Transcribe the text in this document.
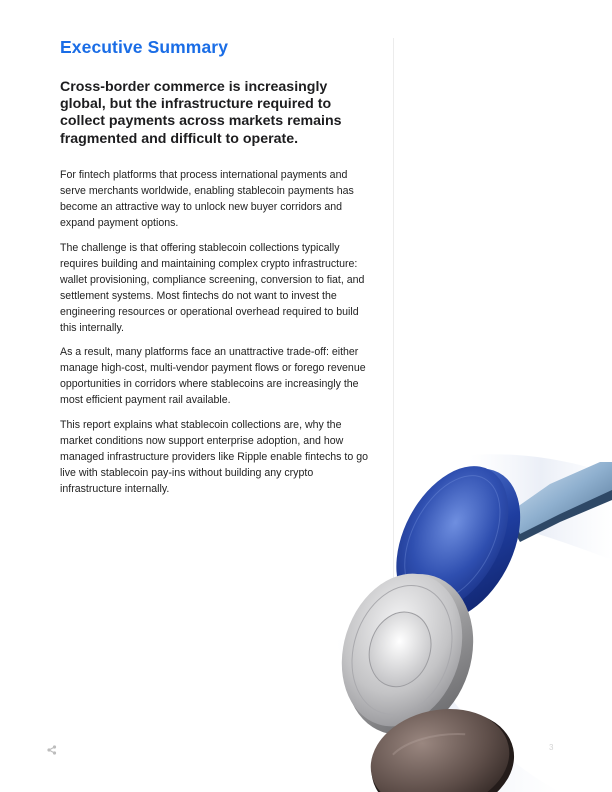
Executive Summary

Cross-border commerce is increasingly global, but the infrastructure required to collect payments across markets remains fragmented and difficult to operate.

For fintech platforms that process international payments and serve merchants worldwide, enabling stablecoin payments has become an attractive way to unlock new buyer corridors and expand payment options.

The challenge is that offering stablecoin collections typically requires building and maintaining complex crypto infrastructure: wallet provisioning, compliance screening, conversion to fiat, and settlement systems. Most fintechs do not want to invest the engineering resources or operational overhead required to build this internally.

As a result, many platforms face an unattractive trade-off: either manage high-cost, multi-vendor payment flows or forego revenue opportunities in corridors where stablecoins are increasingly the most efficient payment rail available.

This report explains what stablecoin collections are, why the market conditions now support enterprise adoption, and how managed infrastructure providers like Ripple enable fintechs to go live with stablecoin pay-ins without building any crypto infrastructure internally.

3
